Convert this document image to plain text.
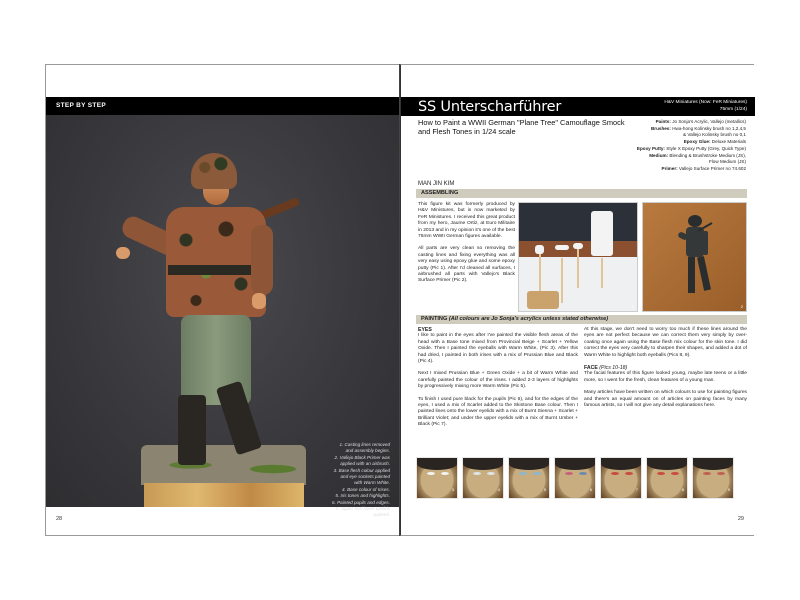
STEP BY STEP
1. Casting lines removed
and assembly begins.
2. Vallejo Black Primer was
applied with an airbrush.
3. Base flesh colour applied
and eye sockets painted
with Warm White.
4. Base colour of Irises.
5. Iris tones and highlights.
6. Painted pupils and edges.
7. Upper and lower eyelids
painted.
28
SS Unterscharführer	H&V Miniatures (Now: FeR Miniatures)
75mm (1/24)
How to Paint a WWII German "Plane Tree" Camouflage Smock and Flesh Tones in 1/24 scale
Paints: Jo Sonja's Acrylic, Vallejo (metallics)
Brushes: Hwa-hong Kolinsky brush no 1,2,4,5
& Vallejo Kolinsky brush no 0,1
Epoxy Glue: Deluxe Materials
Epoxy Putty: Style X Epoxy Putty (Grey, Quick Type)
Medium: Blending & Brushstroke Medium (JS),
Flow Medium (JS)
Primer: Vallejo Surface Primer no 74.602
MAN JIN KIM
ASSEMBLING

This figure kit was formerly produced by H&V Ministures, but is now marketed by FeR Ministures. I received this great product from my hero, Jaume Ortiz, at Euro Militaire in 2013 and in my opinion it's one of the best 75mm WWII German figures available.

All parts are very clean so removing the casting lines and fixing everything was all very easy using epoxy glue and some epoxy putty (Pic 1). After I'd cleaned all surfaces, I airbrushed all parts with Vallejo's Black Surface Primer (Pic 2).

1	2
PAINTING (All colours are Jo Sonja's acrylics unless stated otherwise)
EYES

I like to paint in the eyes after I've painted the visible flesh areas of the head with a Base tone mixed from Provincial Beige + Scarlet + Yellow Oxide. Then I painted the eyeballs with Warm White, (Pic 3). After this had dried, I painted in both irises with a mix of Prussian Blue and Black (Pic 4).

Next I mixed Prussian Blue + Green Oxide + a bit of Warm White and carefully painted the colour of the irises. I added 2-3 layers of highlights by progressively mixing more Warm White (Pic 5).

To finish I used pure black for the pupils (Pic 6), and for the edges of the eyes, I used a mix of Scarlet added to the Skintone Base colour. Then I painted lines onto the lower eyelids with a mix of Burnt Sienna + Scarlet + Brilliant Violet; and under the upper eyelids with a mix of Burnt Umber + Black (Pic 7).

At this stage, we don't need to worry too much if these lines around the eyes are not perfect because we can correct them very simply by over-coating once again using the Base flesh mix colour for the skin tone. I did correct the eyes very carefully to sharpen their shapes, and added a dot of Warm White to highlight both eyeballs (Pics 8, 9).

FACE (Pics 10-18)

The facial features of this figure looked young, maybe late teens or a little more, so I went for the fresh, clean features of a young man.

Many articles have been written on which colours to use for painting figures and there's an equal amount on of articles on painting faces by many famous artists, so I will not give any detail explanations here.

3	4	5	6	7	8	9
29
